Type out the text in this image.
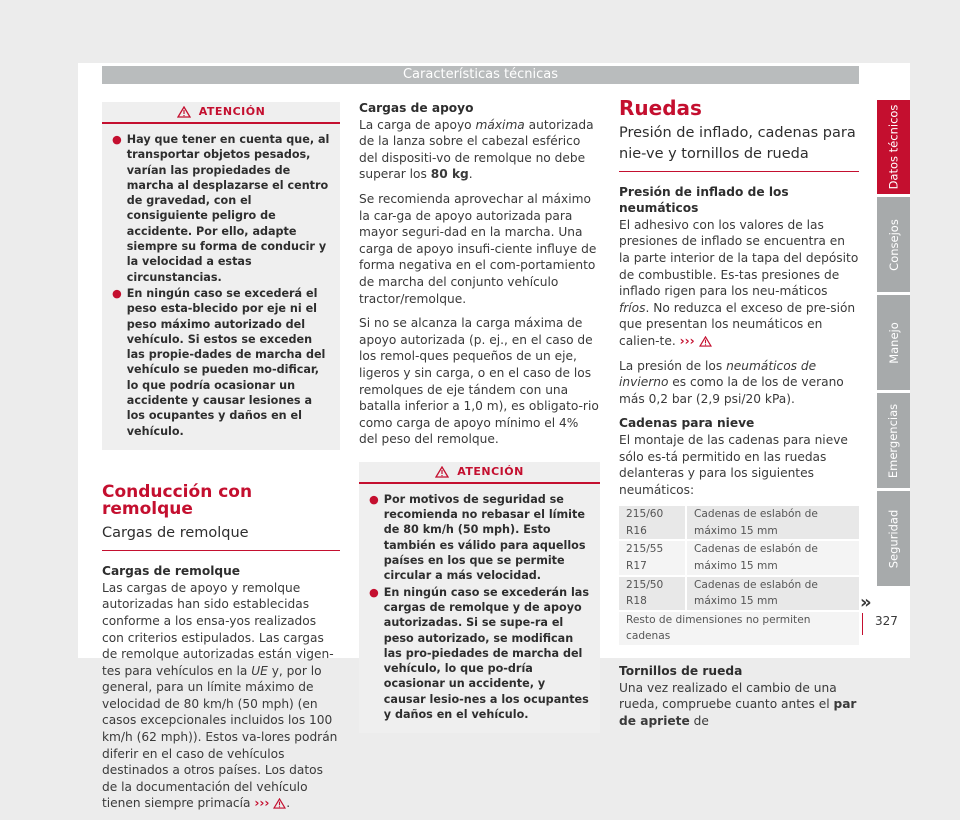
Características técnicas
Datos técnicos
Consejos
Manejo
Emergencias
Seguridad
ATENCIÓN
● Hay que tener en cuenta que, al transportar objetos pesados, varían las propiedades de marcha al desplazarse el centro de gravedad, con el consiguiente peligro de accidente. Por ello, adapte siempre su forma de conducir y la velocidad a estas circunstancias.
● En ningún caso se excederá el peso esta-blecido por eje ni el peso máximo autorizado del vehículo. Si estos se exceden las propie-dades de marcha del vehículo se pueden mo-dificar, lo que podría ocasionar un accidente y causar lesiones a los ocupantes y daños en el vehículo.
Conducción con remolque
Cargas de remolque
Cargas de remolque

Las cargas de apoyo y remolque autorizadas han sido establecidas conforme a los ensa-yos realizados con criterios estipulados. Las cargas de remolque autorizadas están vigen-tes para vehículos en la UE y, por lo general, para un límite máximo de velocidad de 80 km/h (50 mph) (en casos excepcionales incluidos los 100 km/h (62 mph)). Estos va-lores podrán diferir en el caso de vehículos destinados a otros países. Los datos de la documentación del vehículo tienen siempre primacía ››› .

Cargas de apoyo

La carga de apoyo máxima autorizada de la lanza sobre el cabezal esférico del dispositi-vo de remolque no debe superar los 80 kg.

Se recomienda aprovechar al máximo la car-ga de apoyo autorizada para mayor seguri-dad en la marcha. Una carga de apoyo insufi-ciente influye de forma negativa en el com-portamiento de marcha del conjunto vehículo tractor/remolque.

Si no se alcanza la carga máxima de apoyo autorizada (p. ej., en el caso de los remol-ques pequeños de un eje, ligeros y sin carga, o en el caso de los remolques de eje tándem con una batalla inferior a 1,0 m), es obligato-rio como carga de apoyo mínimo el 4% del peso del remolque.

ATENCIÓN
● Por motivos de seguridad se recomienda no rebasar el límite de 80 km/h (50 mph). Esto también es válido para aquellos países en los que se permite circular a más velocidad.
● En ningún caso se excederán las cargas de remolque y de apoyo autorizadas. Si se supe-ra el peso autorizado, se modifican las pro-piedades de marcha del vehículo, lo que po-dría ocasionar un accidente, y causar lesio-nes a los ocupantes y daños en el vehículo.
Ruedas
Presión de inflado, cadenas para nie-ve y tornillos de rueda
Presión de inflado de los neumáticos

El adhesivo con los valores de las presiones de inflado se encuentra en la parte interior de la tapa del depósito de combustible. Es-tas presiones de inflado rigen para los neu-máticos fríos. No reduzca el exceso de pre-sión que presentan los neumáticos en calien-te. ›››

La presión de los neumáticos de invierno es como la de los de verano más 0,2 bar (2,9 psi/20 kPa).

Cadenas para nieve

El montaje de las cadenas para nieve sólo es-tá permitido en las ruedas delanteras y para los siguientes neumáticos:

215/60 R16	Cadenas de eslabón de máximo 15 mm
215/55 R17	Cadenas de eslabón de máximo 15 mm
215/50 R18	Cadenas de eslabón de máximo 15 mm
Resto de dimensiones no permiten cadenas	
Tornillos de rueda

Una vez realizado el cambio de una rueda, compruebe cuanto antes el par de apriete de

»
327
